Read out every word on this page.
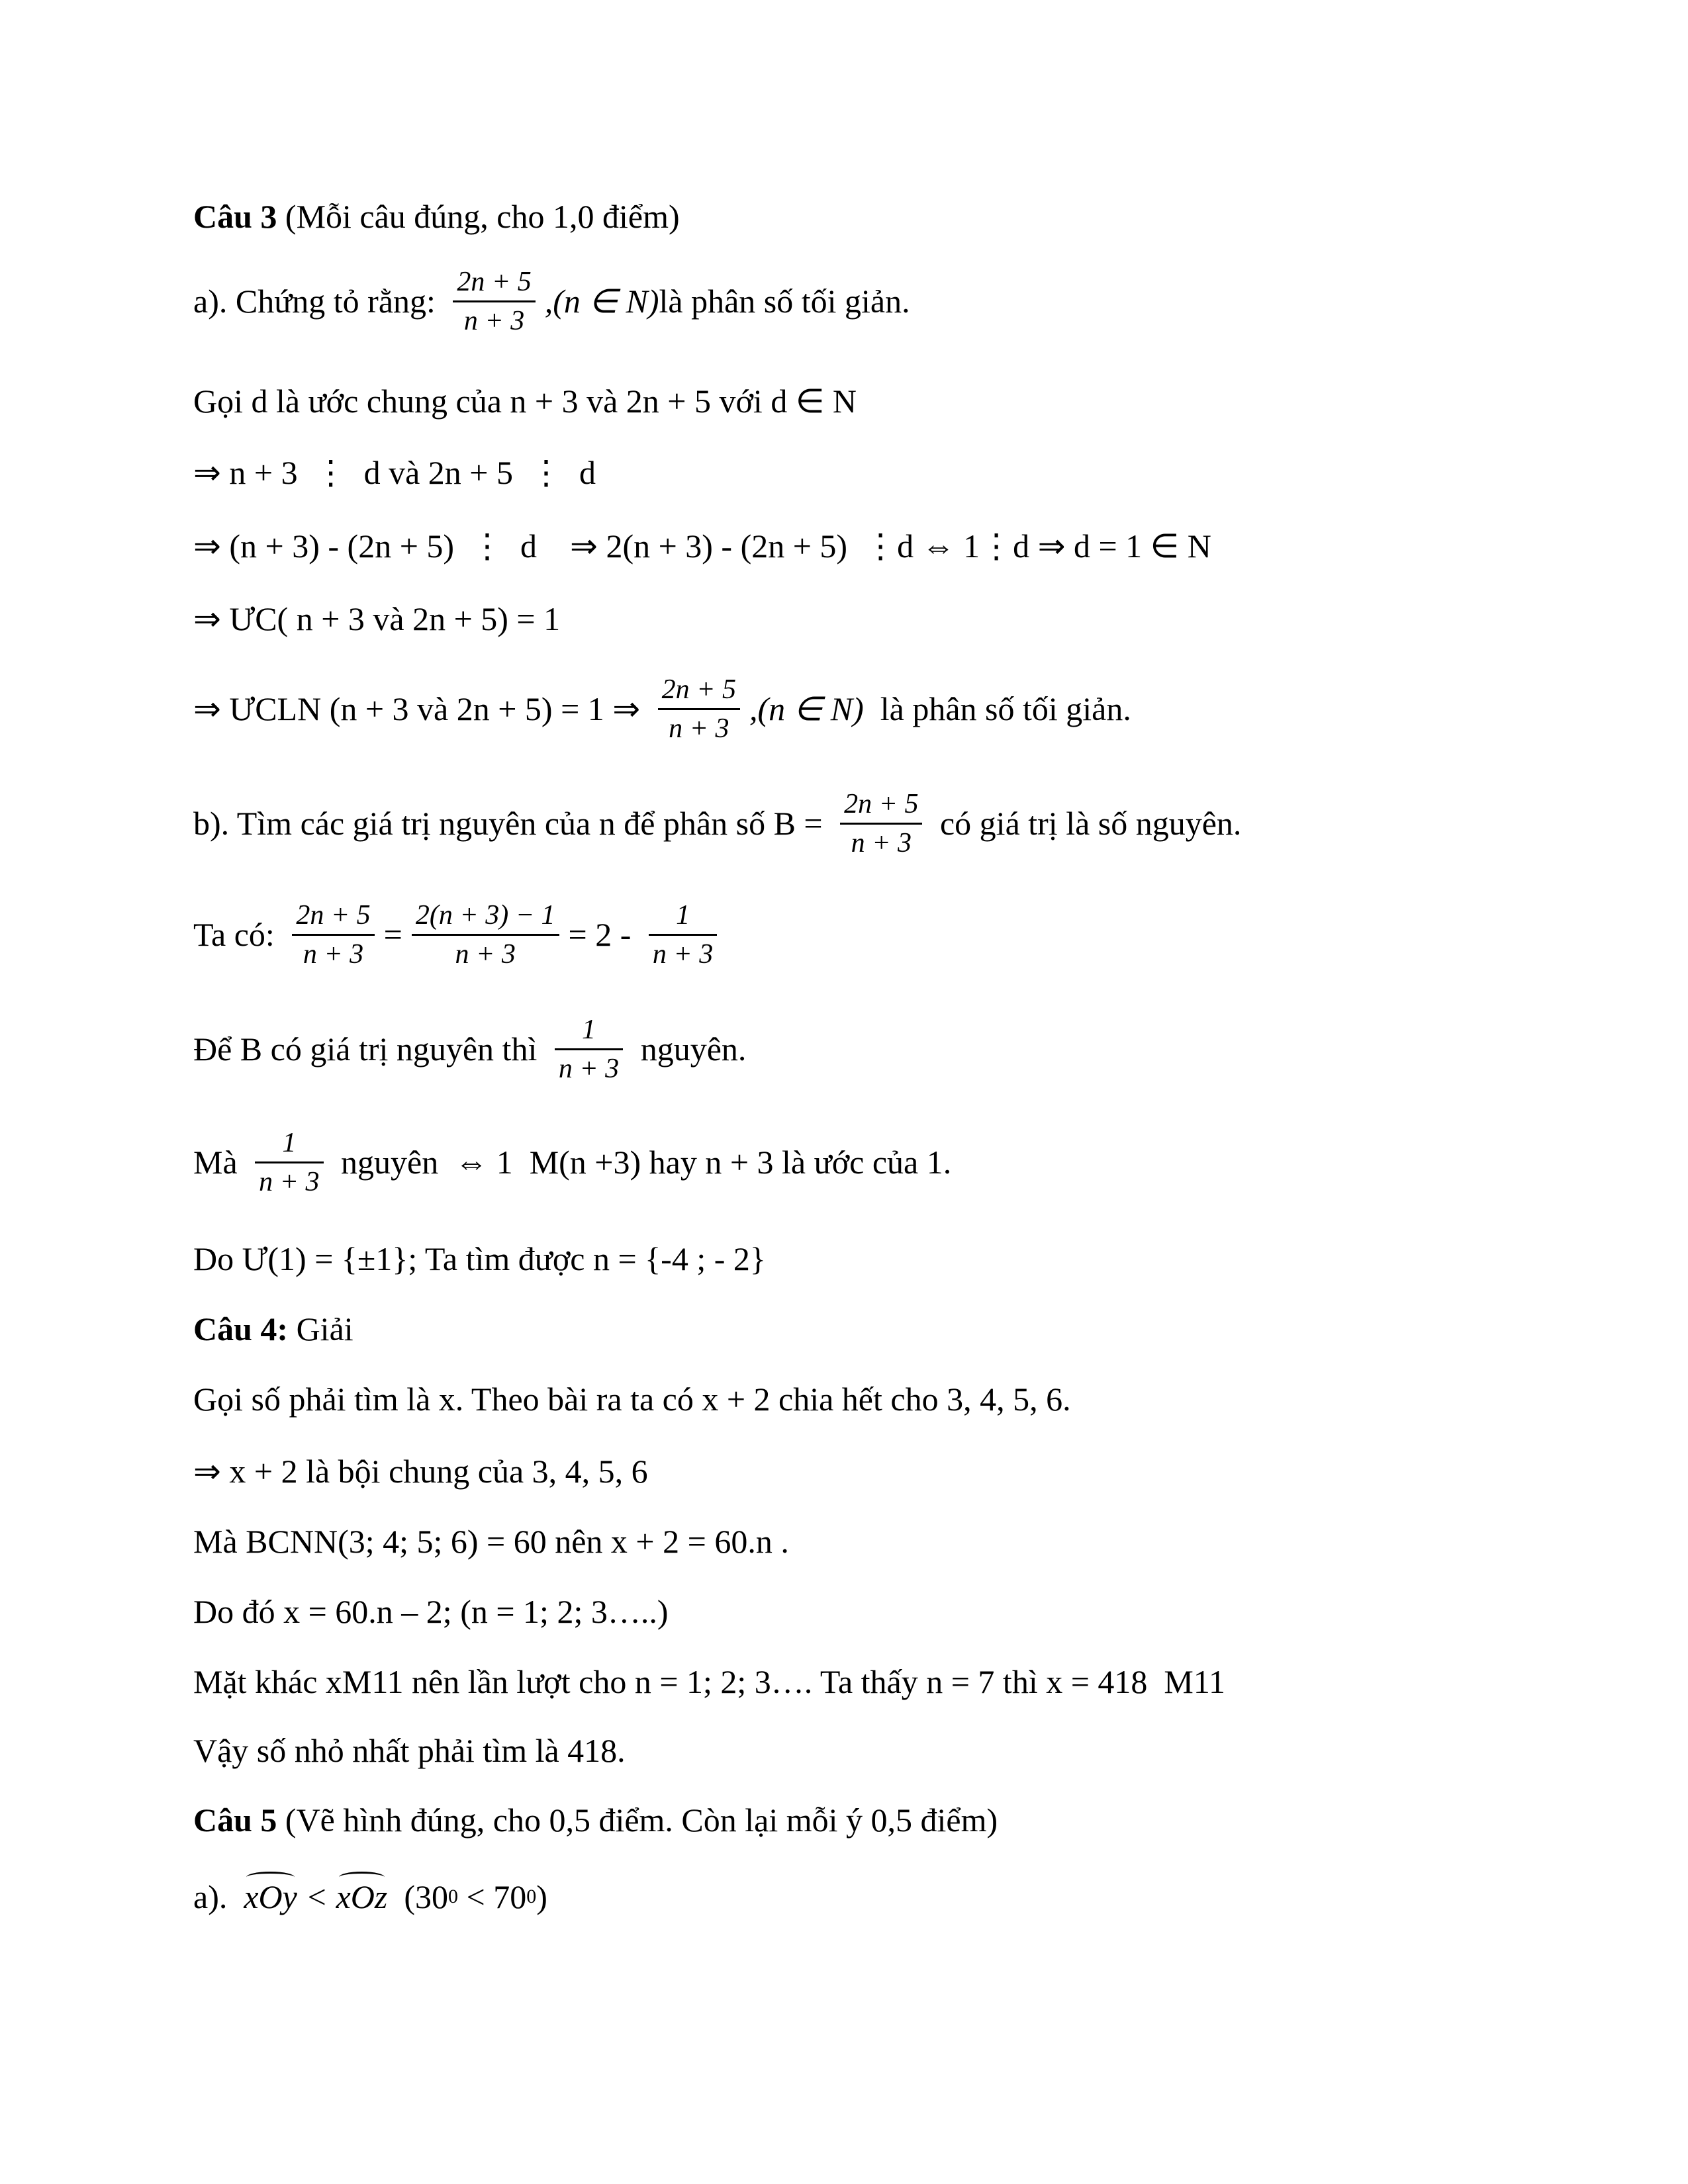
Câu 3 (Mỗi câu đúng, cho 1,0 điểm)
a). Chứng tỏ rằng: $\frac{2n + 5}{n + 3} ,(n$ ∈ N) là phân số tối giản.
Gọi d là ước chung của n + 3 và 2n + 5 với d ∈ N
⇒ n + 3  ⋮  d và 2n + 5  ⋮  d
⇒ (n + 3) - (2n + 5)  ⋮  d    ⇒ 2(n + 3) - (2n + 5)  ⋮d ⇔ 1⋮d ⇒ d = 1 ∈ N
⇒ ƯC( n + 3 và 2n + 5) = 1
⇒ ƯCLN (n + 3 và 2n + 5) = 1 ⇒ $\frac{2n + 5}{n + 3} ,(n$ ∈ N) là phân số tối giản.
b). Tìm các giá trị nguyên của n để phân số $B = \frac{2n + 5}{n + 3}$ có giá trị là số nguyên.
Ta có: $\frac{2n + 5}{n + 3} = \frac{2(n + 3) - 1}{n + 3} = 2 - \frac{1}{n + 3}$
Để B có giá trị nguyên thì $\frac{1}{n + 3}$ nguyên.
Mà $\frac{1}{n + 3}$ nguyên  ⇔ 1  M(n +3) hay n + 3 là ước của 1.
Do Ư(1) = {±1}; Ta tìm được n = {-4 ; - 2}
Câu 4: Giải
Gọi số phải tìm là x. Theo bài ra ta có x + 2 chia hết cho 3, 4, 5, 6.
⇒ x + 2 là bội chung của 3, 4, 5, 6
Mà BCNN(3; 4; 5; 6) = 60 nên x + 2 = 60.n .
Do đó x = 60.n – 2; (n = 1; 2; 3…..)
Mặt khác xM11 nên lần lượt cho n = 1; 2; 3…. Ta thấy n = 7 thì x = 418  M11
Vậy số nhỏ nhất phải tìm là 418.
Câu 5 (Vẽ hình đúng, cho 0,5 điểm. Còn lại mỗi ý 0,5 điểm)
a). xOy < xOz (30 0 < 70 0 )
